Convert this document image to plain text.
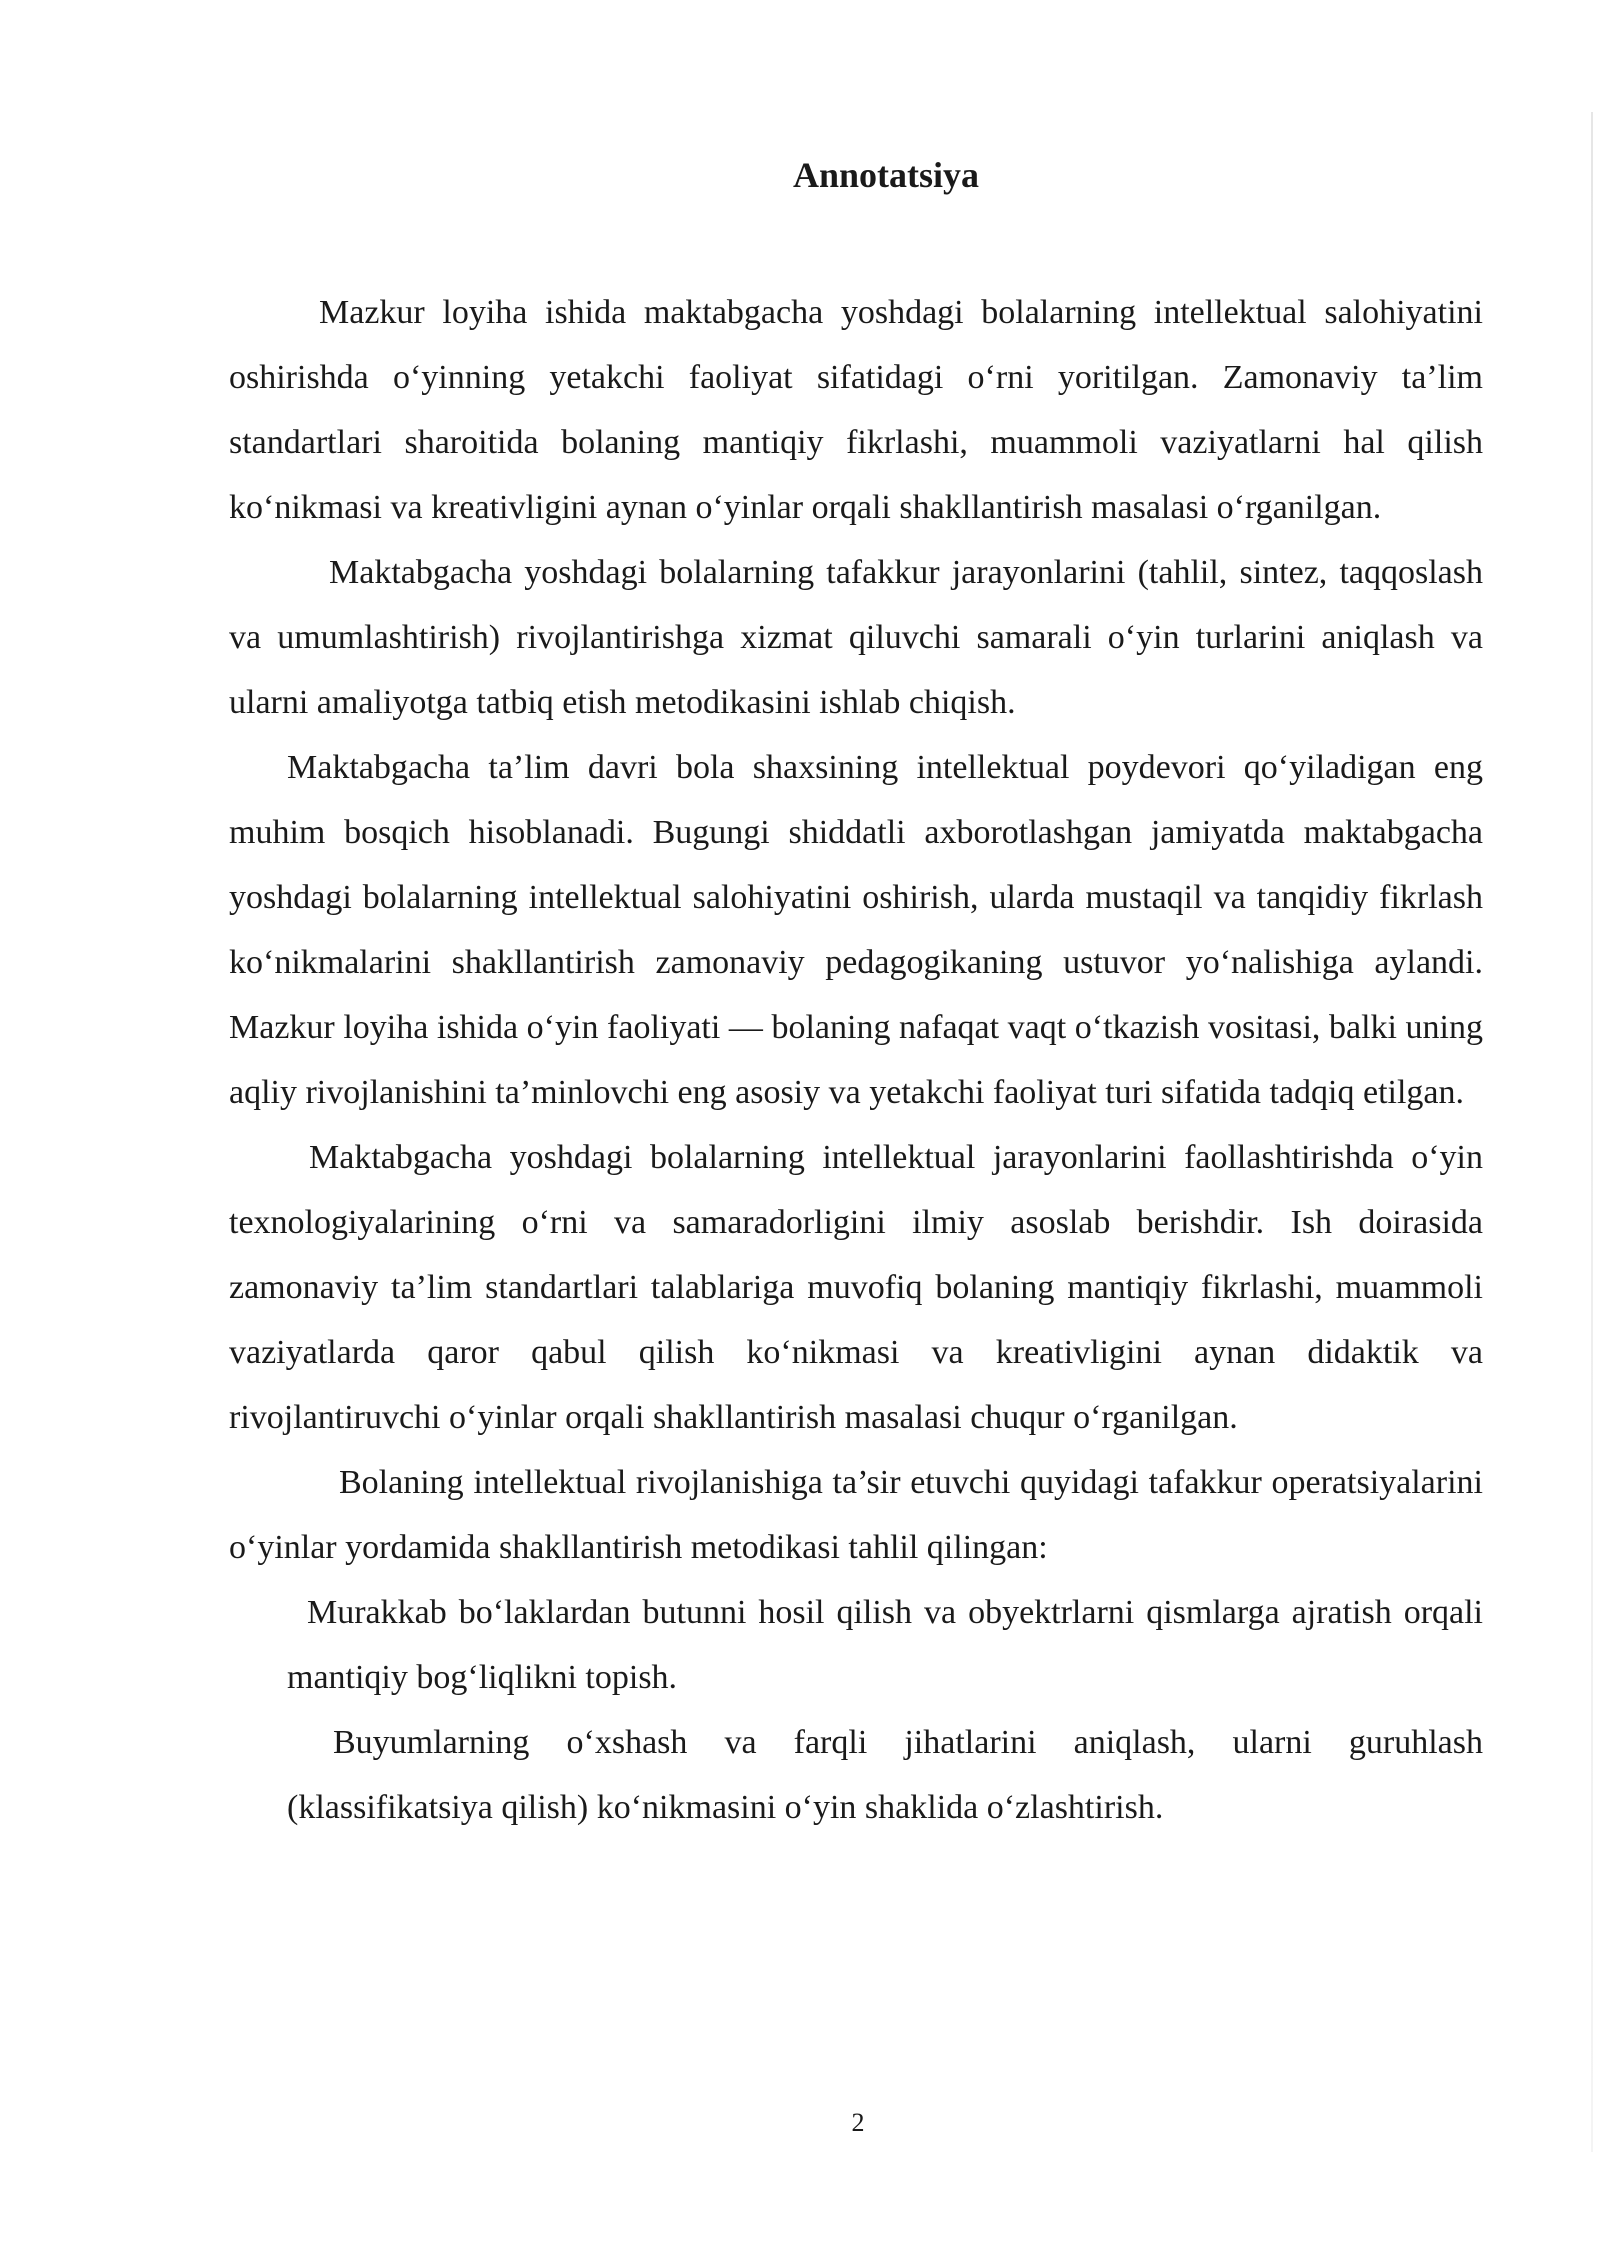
Annotatsiya

Mazkur loyiha ishida maktabgacha yoshdagi bolalarning intellektual salohiyatini oshirishda o‘yinning yetakchi faoliyat sifatidagi o‘rni yoritilgan. Zamonaviy ta’lim standartlari sharoitida bolaning mantiqiy fikrlashi, muammoli vaziyatlarni hal qilish ko‘nikmasi va kreativligini aynan o‘yinlar orqali shakllantirish masalasi o‘rganilgan.

Maktabgacha yoshdagi bolalarning tafakkur jarayonlarini (tahlil, sintez, taqqoslash va umumlashtirish) rivojlantirishga xizmat qiluvchi samarali o‘yin turlarini aniqlash va ularni amaliyotga tatbiq etish metodikasini ishlab chiqish.

Maktabgacha ta’lim davri bola shaxsining intellektual poydevori qo‘yiladigan eng muhim bosqich hisoblanadi. Bugungi shiddatli axborotlashgan jamiyatda maktabgacha yoshdagi bolalarning intellektual salohiyatini oshirish, ularda mustaqil va tanqidiy fikrlash ko‘nikmalarini shakllantirish zamonaviy pedagogikaning ustuvor yo‘nalishiga aylandi. Mazkur loyiha ishida o‘yin faoliyati — bolaning nafaqat vaqt o‘tkazish vositasi, balki uning aqliy rivojlanishini ta’minlovchi eng asosiy va yetakchi faoliyat turi sifatida tadqiq etilgan.

Maktabgacha yoshdagi bolalarning intellektual jarayonlarini faollashtirishda o‘yin texnologiyalarining o‘rni va samaradorligini ilmiy asoslab berishdir. Ish doirasida zamonaviy ta’lim standartlari talablariga muvofiq bolaning mantiqiy fikrlashi, muammoli vaziyatlarda qaror qabul qilish ko‘nikmasi va kreativligini aynan didaktik va rivojlantiruvchi o‘yinlar orqali shakllantirish masalasi chuqur o‘rganilgan.

Bolaning intellektual rivojlanishiga ta’sir etuvchi quyidagi tafakkur operatsiyalarini o‘yinlar yordamida shakllantirish metodikasi tahlil qilingan:

Murakkab bo‘laklardan butunni hosil qilish va obyektrlarni qismlarga ajratish orqali mantiqiy bog‘liqlikni topish.

Buyumlarning o‘xshash va farqli jihatlarini aniqlash, ularni guruhlash (klassifikatsiya qilish) ko‘nikmasini o‘yin shaklida o‘zlashtirish.

2
